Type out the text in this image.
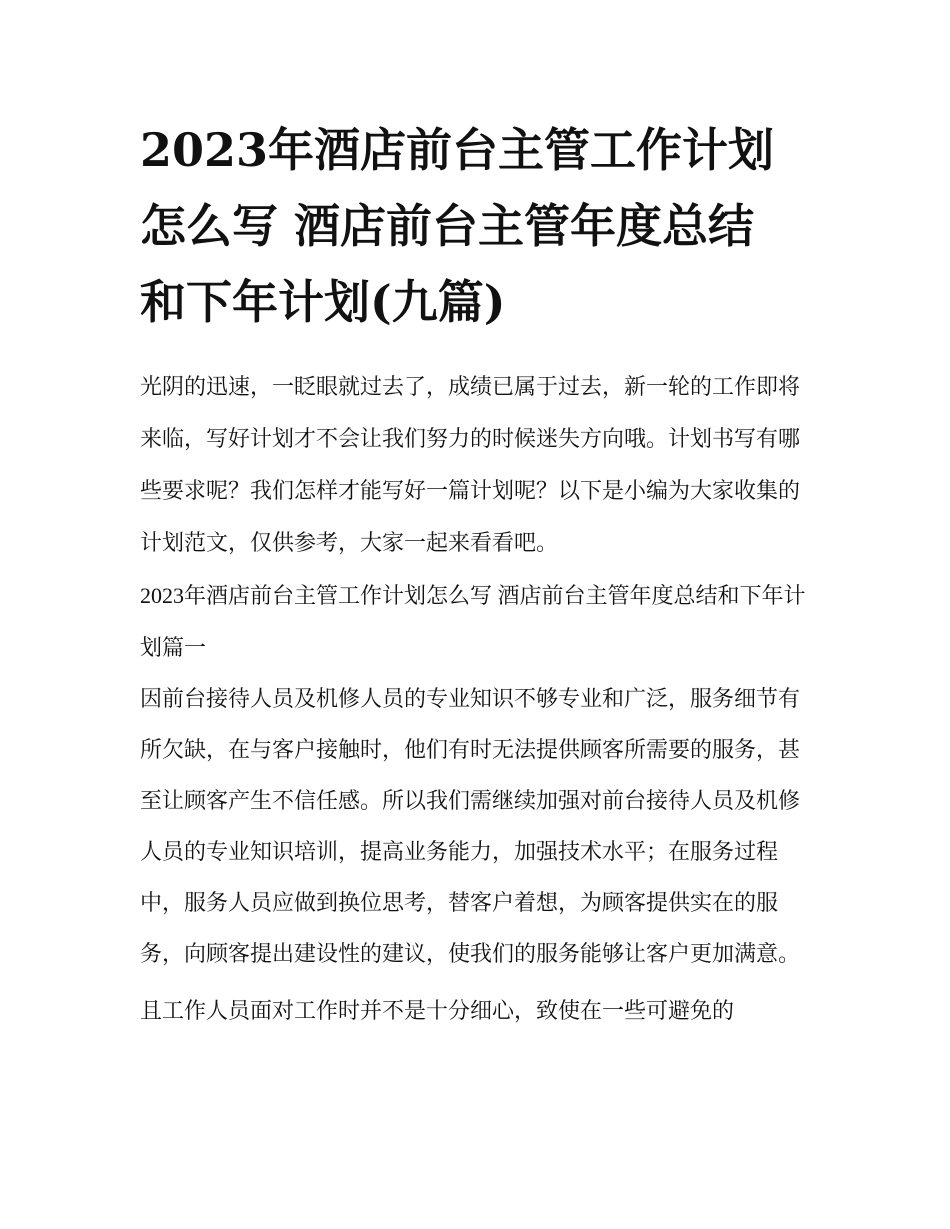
2023年酒店前台主管工作计划
怎么写 酒店前台主管年度总结
和下年计划(九篇)

光阴的迅速，一眨眼就过去了，成绩已属于过去，新一轮的工作即将来临，写好计划才不会让我们努力的时候迷失方向哦。计划书写有哪些要求呢？我们怎样才能写好一篇计划呢？以下是小编为大家收集的计划范文，仅供参考，大家一起来看看吧。

2023年酒店前台主管工作计划怎么写 酒店前台主管年度总结和下年计划篇一

因前台接待人员及机修人员的专业知识不够专业和广泛，服务细节有所欠缺，在与客户接触时，他们有时无法提供顾客所需要的服务，甚至让顾客产生不信任感。所以我们需继续加强对前台接待人员及机修人员的专业知识培训，提高业务能力，加强技术水平；在服务过程中，服务人员应做到换位思考，替客户着想，为顾客提供实在的服务，向顾客提出建设性的建议，使我们的服务能够让客户更加满意。

且工作人员面对工作时并不是十分细心，致使在一些可避免的
